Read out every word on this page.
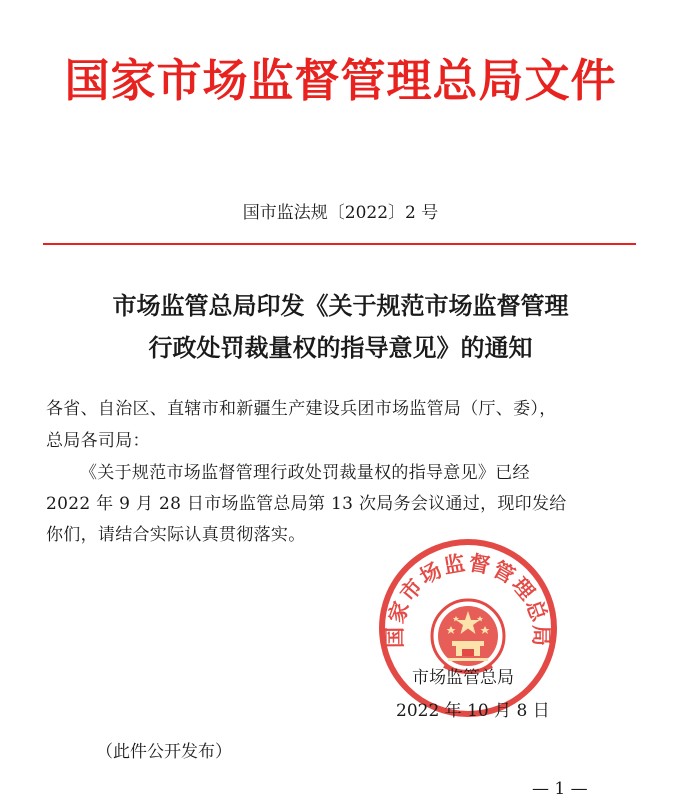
国家市场监督管理总局文件
国市监法规〔2022〕2 号
市场监管总局印发《关于规范市场监督管理
行政处罚裁量权的指导意见》的通知
各省、自治区、直辖市和新疆生产建设兵团市场监管局（厅、委），
总局各司局：
《关于规范市场监督管理行政处罚裁量权的指导意见》已经
2022 年 9 月 28 日市场监管总局第 13 次局务会议通过，现印发给
你们，请结合实际认真贯彻落实。
国家市场监督管理总局
市场监管总局
2022 年 10 月 8 日
（此件公开发布）
— 1 —
